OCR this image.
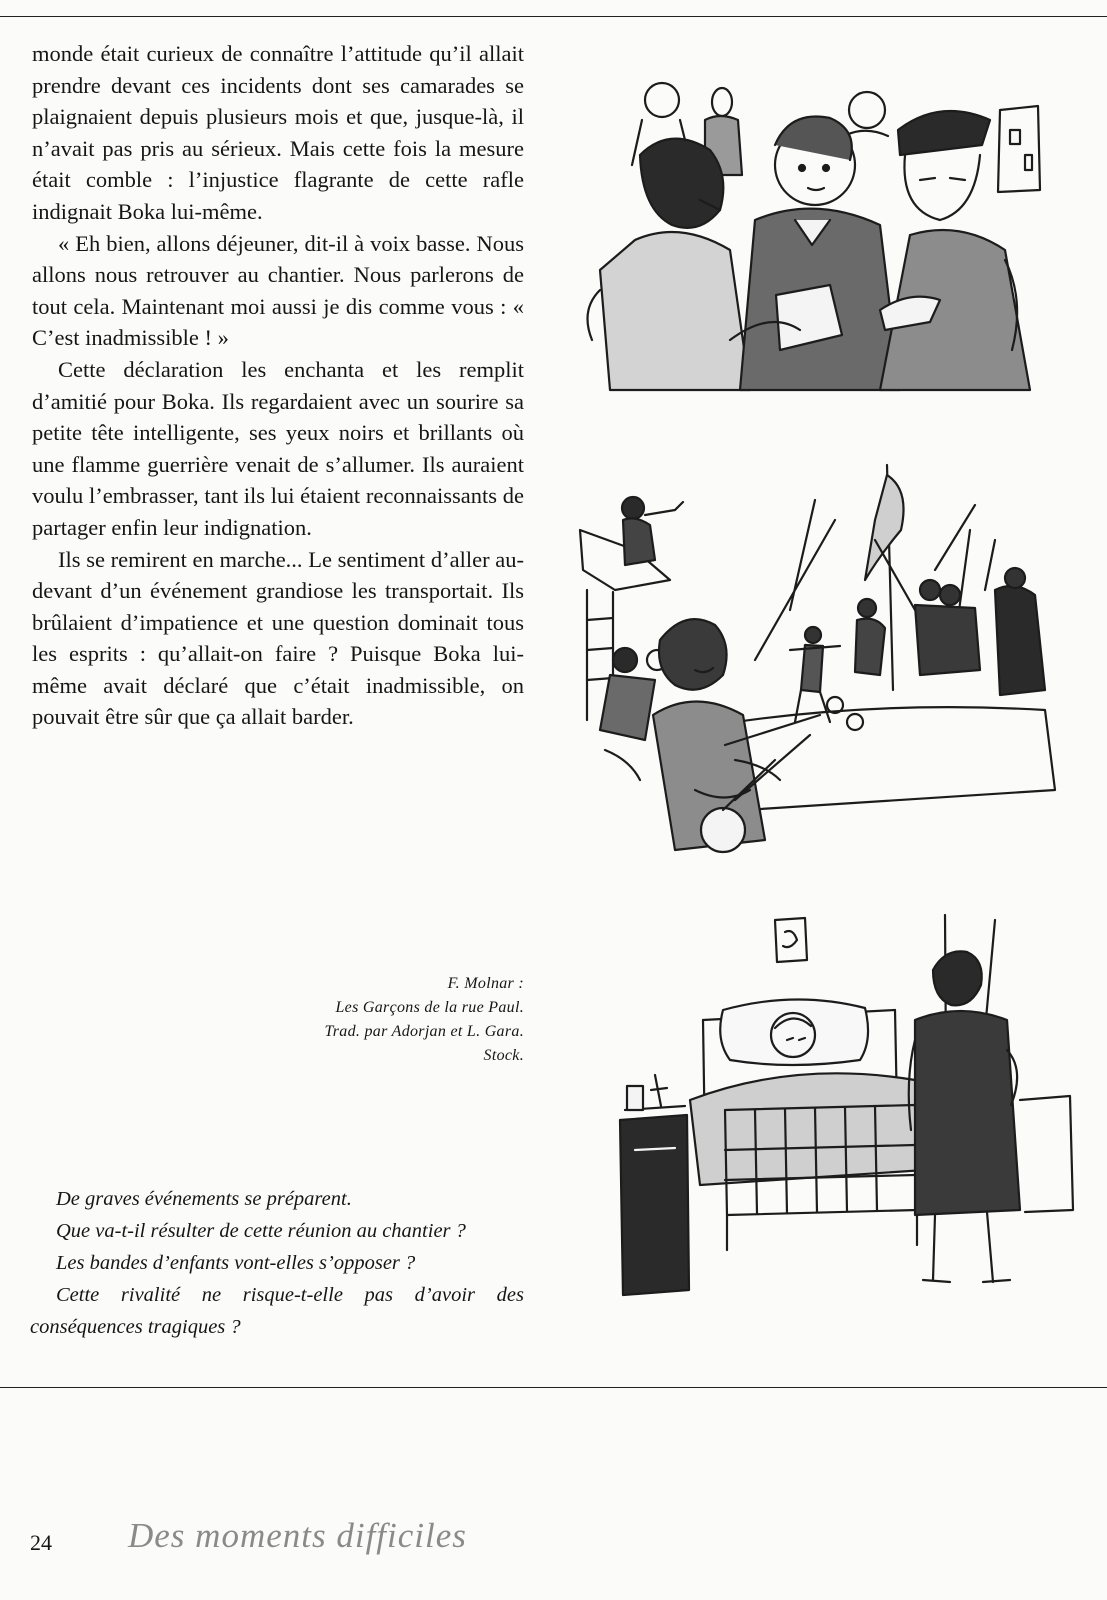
monde était curieux de connaître l’attitude qu’il allait prendre devant ces incidents dont ses camarades se plaignaient depuis plusieurs mois et que, jusque-là, il n’avait pas pris au sérieux. Mais cette fois la mesure était comble : l’injustice flagrante de cette rafle indignait Boka lui-même.

« Eh bien, allons déjeuner, dit-il à voix basse. Nous allons nous retrouver au chantier. Nous parlerons de tout cela. Maintenant moi aussi je dis comme vous : « C’est inadmissible ! »

Cette déclaration les enchanta et les remplit d’amitié pour Boka. Ils regardaient avec un sourire sa petite tête intelligente, ses yeux noirs et brillants où une flamme guerrière venait de s’allumer. Ils auraient voulu l’embrasser, tant ils lui étaient reconnaissants de partager enfin leur indignation.

Ils se remirent en marche... Le sentiment d’aller au-devant d’un événement grandiose les transportait. Ils brûlaient d’impatience et une question dominait tous les esprits : qu’allait-on faire ? Puisque Boka lui-même avait déclaré que c’était inadmissible, on pouvait être sûr que ça allait barder.

F. Molnar :
Les Garçons de la rue Paul.
Trad. par Adorjan et L. Gara.
Stock.

De graves événements se préparent.

Que va-t-il résulter de cette réunion au chantier ?

Les bandes d’enfants vont-elles s’opposer ?

Cette rivalité ne risque-t-elle pas d’avoir des conséquences tragiques ?

24 Des moments difficiles
